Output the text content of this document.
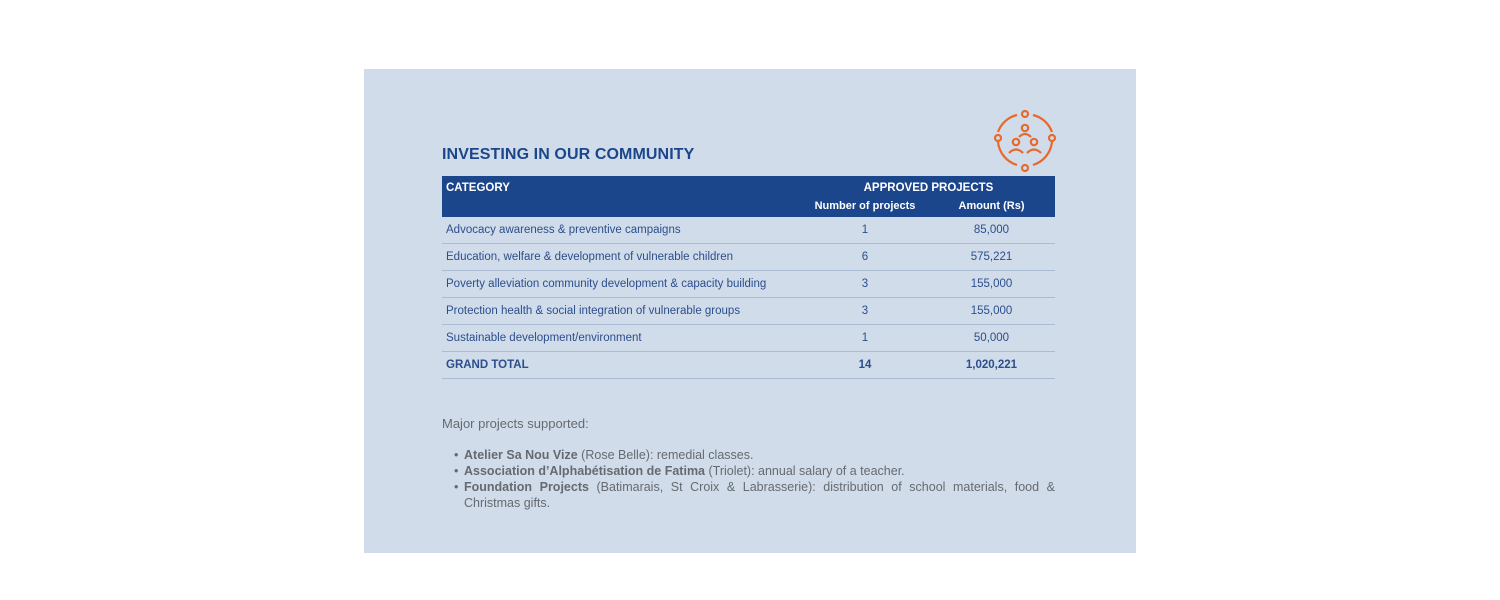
INVESTING IN OUR COMMUNITY
CATEGORY	APPROVED PROJECTS	
	Number of projects	Amount (Rs)
Advocacy awareness & preventive campaigns	1	85,000
Education, welfare & development of vulnerable children	6	575,221
Poverty alleviation community development & capacity building	3	155,000
Protection health & social integration of vulnerable groups	3	155,000
Sustainable development/environment	1	50,000
GRAND TOTAL	14	1,020,221
Major projects supported:
• Atelier Sa Nou Vize (Rose Belle): remedial classes.
• Association d’Alphabétisation de Fatima (Triolet): annual salary of a teacher.
• Foundation Projects (Batimarais, St Croix & Labrasserie): distribution of school materials, food & Christmas gifts.
